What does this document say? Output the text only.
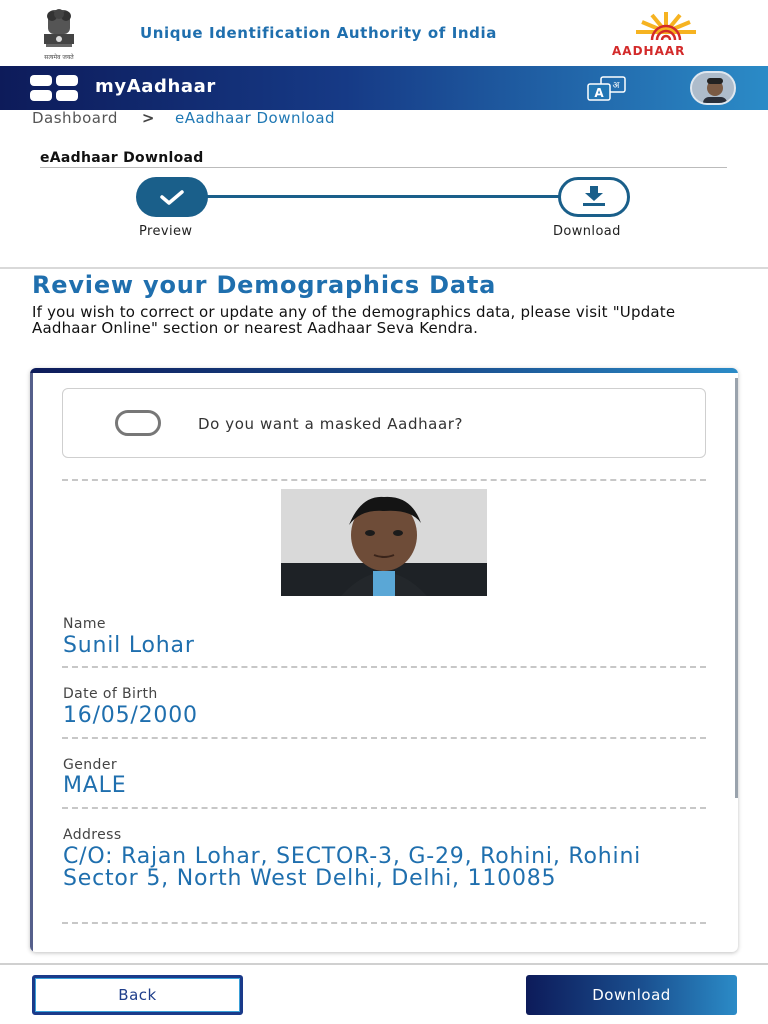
सत्यमेव जयते
Unique Identification Authority of India
AADHAAR
myAadhaar	A अ
Dashboard > eAadhaar Download
eAadhaar Download
Preview	Download
Review your Demographics Data
If you wish to correct or update any of the demographics data, please visit "Update Aadhaar Online" section or nearest Aadhaar Seva Kendra.
Do you want a masked Aadhaar?
Name
Sunil Lohar
Date of Birth
16/05/2000
Gender
MALE
Address
C/O: Rajan Lohar, SECTOR-3, G-29, Rohini, Rohini Sector 5, North West Delhi, Delhi, 110085
Back	Download
